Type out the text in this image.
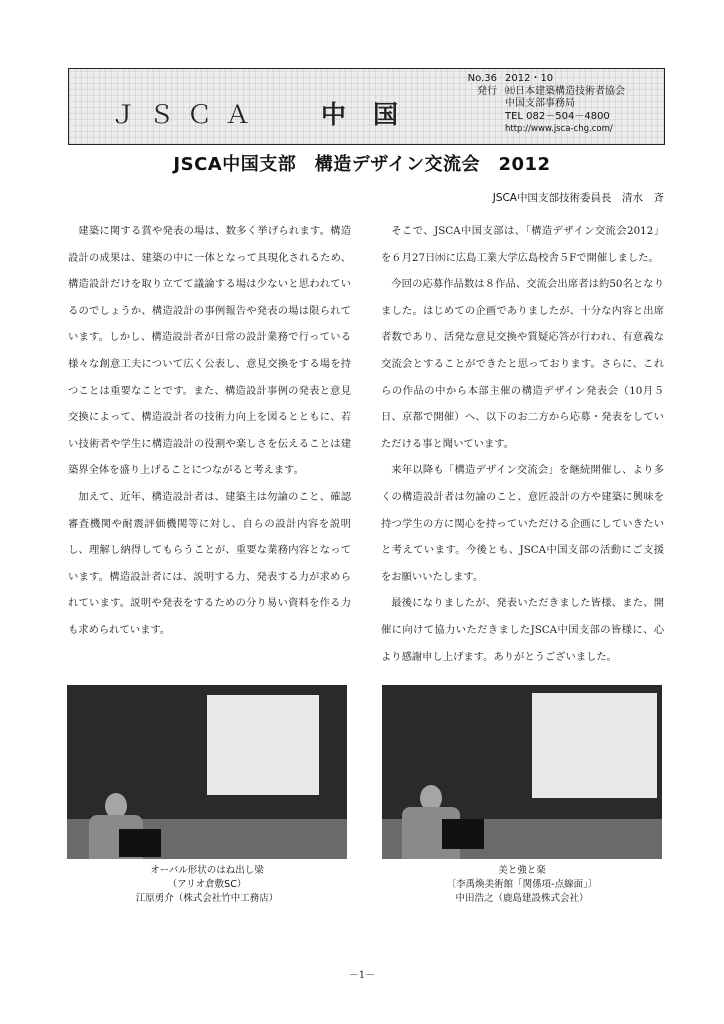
ＪＳＣＡ 中国
No.36 2012・10
発行 ㈳日本建築構造技術者協会
中国支部事務局
TEL 082－504－4800
http://www.jsca-chg.com/
JSCA中国支部　構造デザイン交流会　2012
JSCA中国支部技術委員長　清水　斉

建築に関する賞や発表の場は、数多く挙げられます。構造設計の成果は、建築の中に一体となって具現化されるため、構造設計だけを取り立てて議論する場は少ないと思われているのでしょうか、構造設計の事例報告や発表の場は限られています。しかし、構造設計者が日常の設計業務で行っている様々な創意工夫について広く公表し、意見交換をする場を持つことは重要なことです。また、構造設計事例の発表と意見交換によって、構造設計者の技術力向上を図るとともに、若い技術者や学生に構造設計の役割や楽しさを伝えることは建築界全体を盛り上げることにつながると考えます。

加えて、近年、構造設計者は、建築主は勿論のこと、確認審査機関や耐震評価機関等に対し、自らの設計内容を説明し、理解し納得してもらうことが、重要な業務内容となっています。構造設計者には、説明する力、発表する力が求められています。説明や発表をするための分り易い資料を作る力も求められています。

そこで、JSCA中国支部は、「構造デザイン交流会2012」を６月27日㈬に広島工業大学広島校舎５Fで開催しました。

今回の応募作品数は８作品、交流会出席者は約50名となりました。はじめての企画でありましたが、十分な内容と出席者数であり、活発な意見交換や質疑応答が行われ、有意義な交流会とすることができたと思っております。さらに、これらの作品の中から本部主催の構造デザイン発表会（10月５日、京都で開催）へ、以下のお二方から応募・発表をしていただける事と聞いています。

来年以降も「構造デザイン交流会」を継続開催し、より多くの構造設計者は勿論のこと、意匠設計の方や建築に興味を持つ学生の方に関心を持っていただける企画にしていきたいと考えています。今後とも、JSCA中国支部の活動にご支援をお願いいたします。

最後になりましたが、発表いただきました皆様、また、開催に向けて協力いただきましたJSCA中国支部の皆様に、心より感謝申し上げます。ありがとうございました。

オーバル形状のはね出し梁
（アリオ倉敷SC）
江原勇介（株式会社竹中工務店）
美と強と楽
〔李禹煥美術館「関係項-点線面」〕
中田浩之（鹿島建設株式会社）
－1－
